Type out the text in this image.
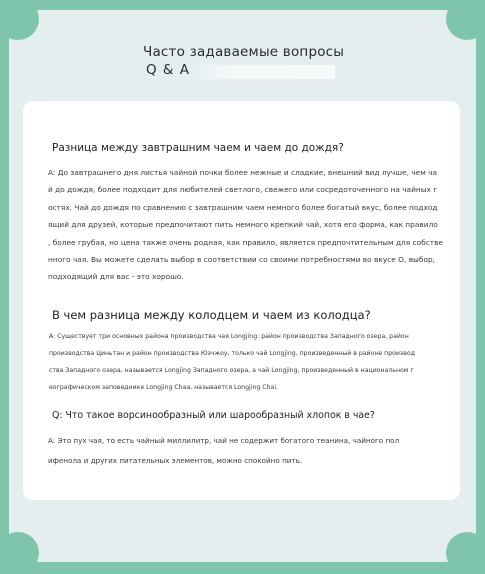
Часто задаваемые вопросы
Q & A
Разница между завтрашним чаем и чаем до дождя?
A: До завтрашнего дня листья чайной почки более нежные и сладкие, внешний вид лучше, чем ча
й до дождя, более подходит для любителей светлого, свежего или сосредоточенного на чайных г
остях. Чай до дождя по сравнению с завтрашним чаем немного более богатый вкус, более подход
ящий для друзей, которые предпочитают пить немного крепкий чай, хотя его форма, как правило
, более грубая, но цена также очень родная, как правило, является предпочтительным для собстве
нного чая. Вы можете сделать выбор в соответствии со своими потребностями во вкусе О, выбор,
подходящий для вас - это хорошо.
В чем разница между колодцем и чаем из колодца?
A: Существует три основных района производства чая Longjing: район производства Западного озера, район
производства Циньтан и район производства Юэчжоу, только чай Longjing, произведенный в районе производ
ства Западного озера, называется Longjing Западного озера, а чай Longjing, произведенный в национальном г
еографическом заповеднике Longjing Chaa, называется Longjing Chai.
Q: Что такое ворсинообразный или шарообразный хлопок в чае?
A: Это пух чая, то есть чайный миллилитр, чай не содержит богатого теанина, чайного пол
ифенола и других питательных элементов, можно спокойно пить.
